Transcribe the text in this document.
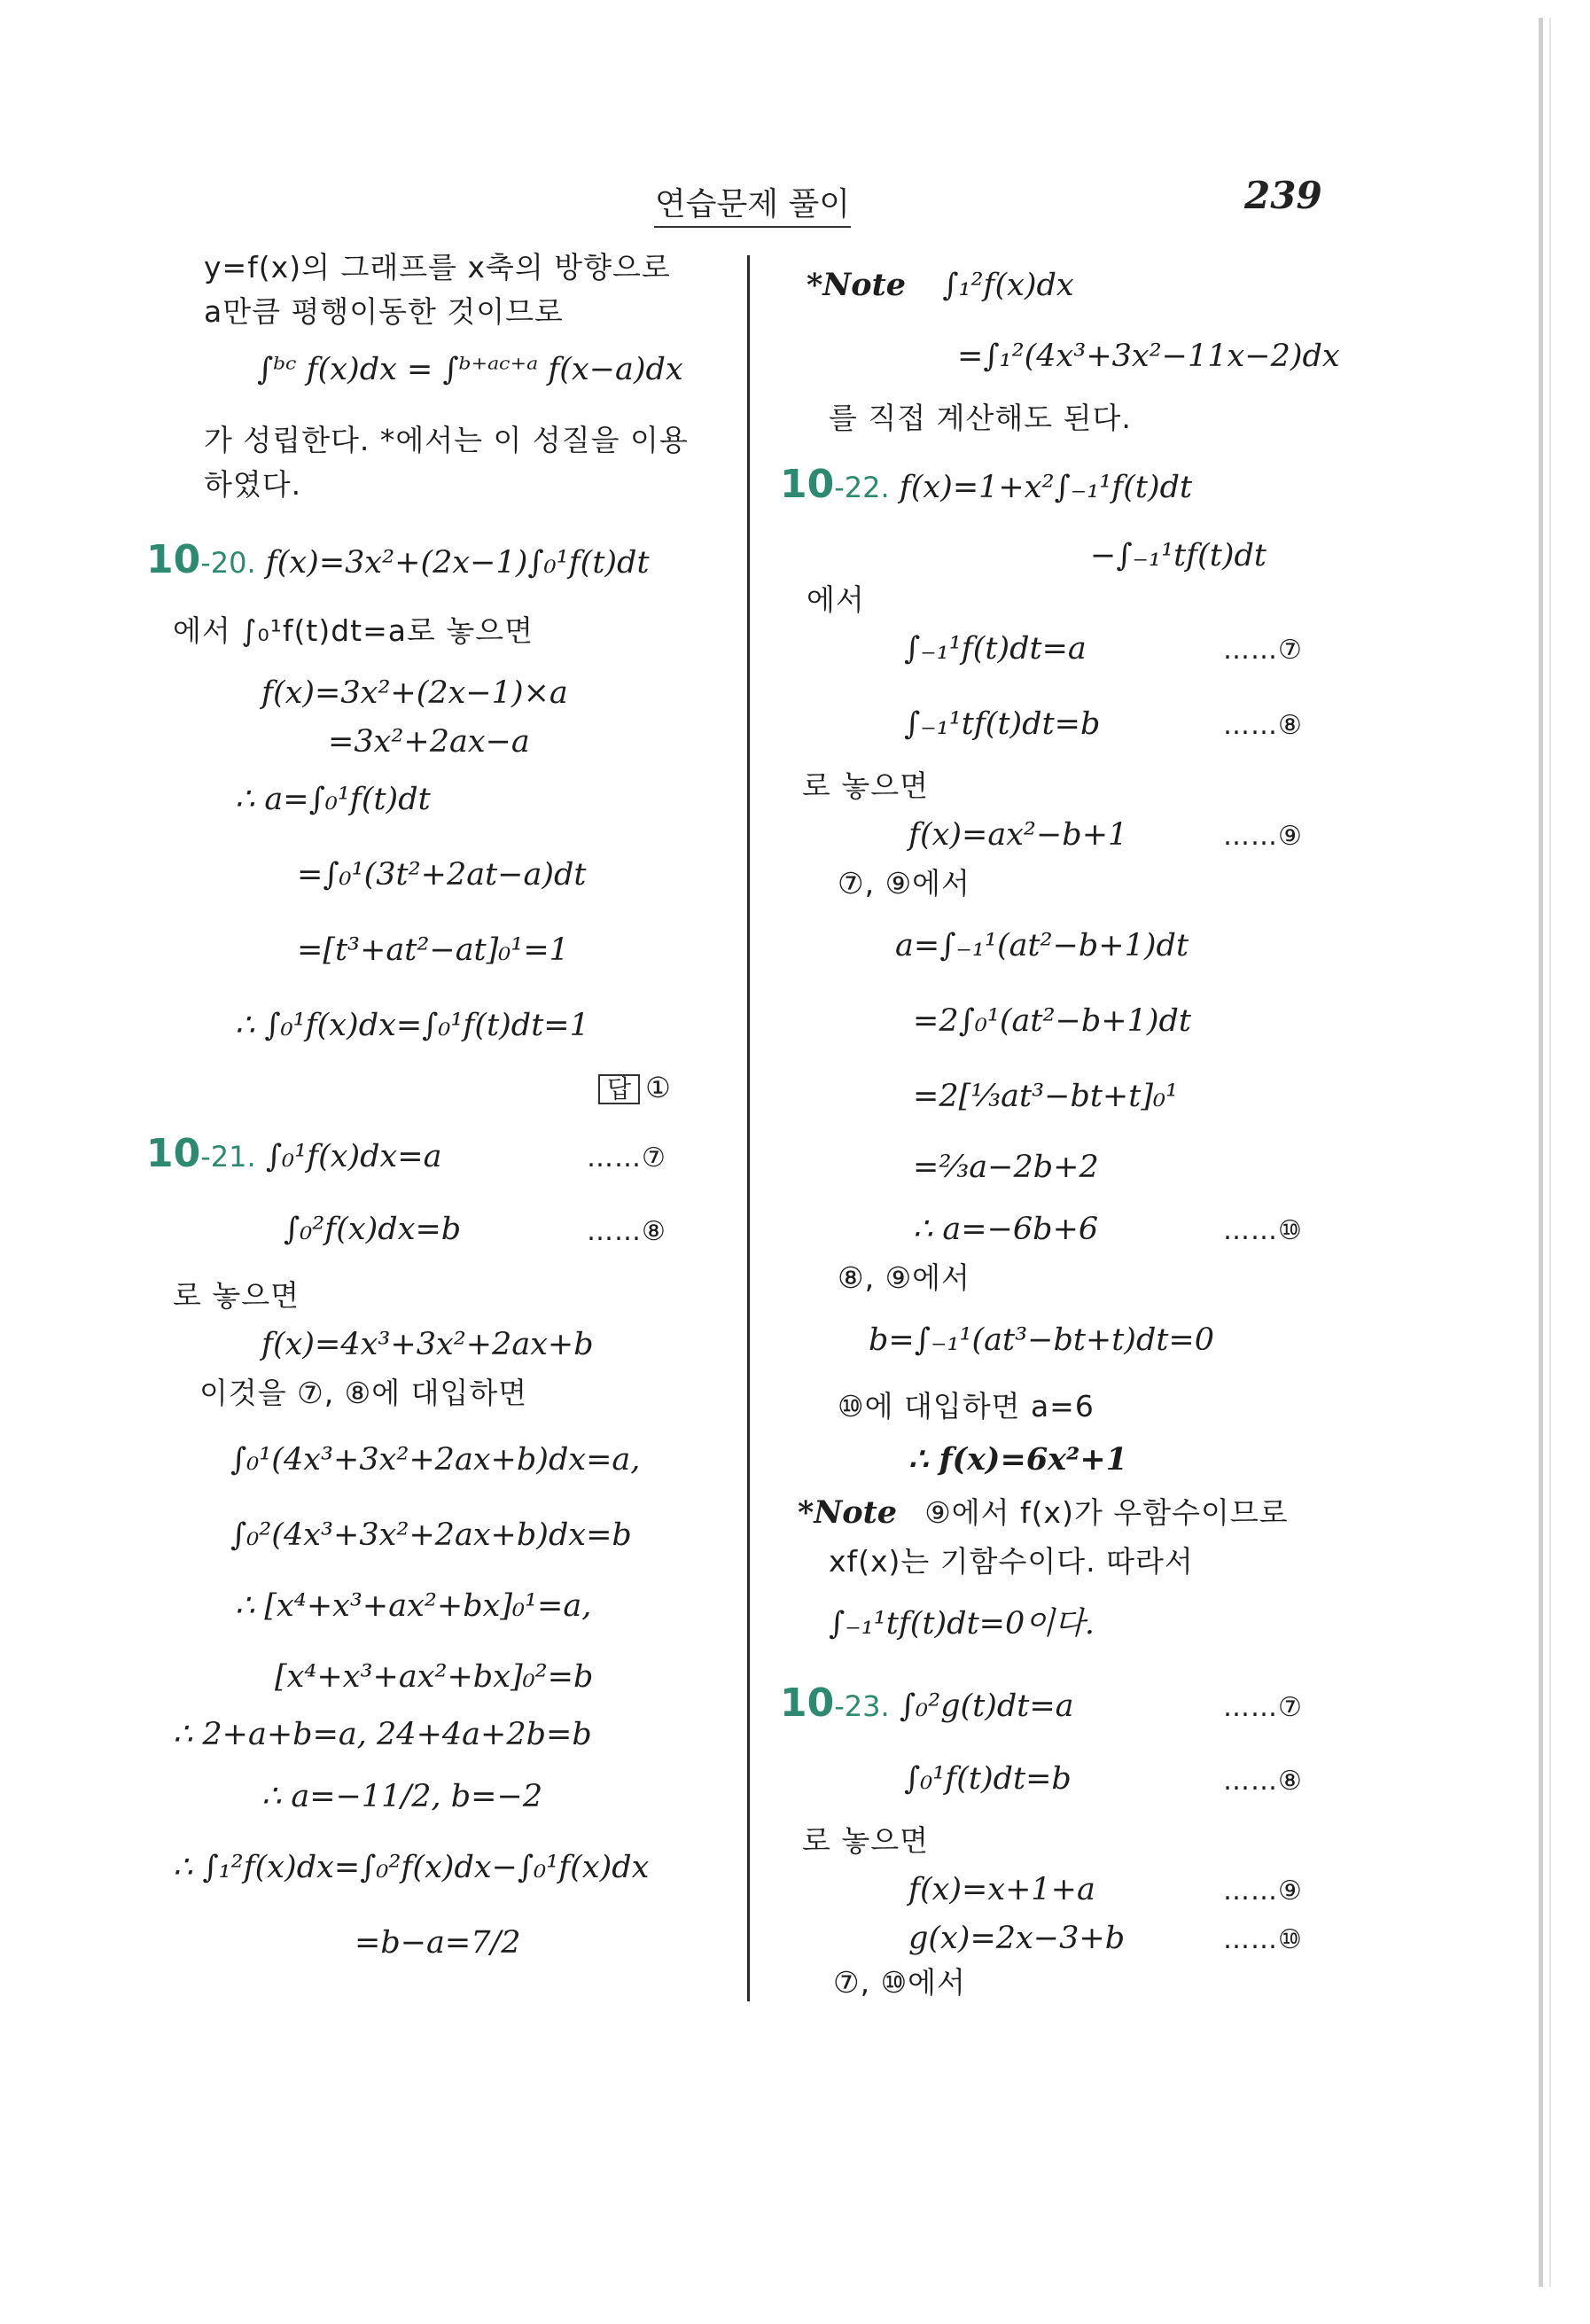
연습문제 풀이	239
y=f(x)의 그래프를 x축의 방향으로
a만큼 평행이동한 것이므로
∫ᵇᶜ f(x)dx = ∫ᵇ⁺ᵃᶜ⁺ᵃ f(x−a)dx
가 성립한다. *에서는 이 성질을 이용
하였다.
10-20. f(x)=3x²+(2x−1)∫₀¹f(t)dt
에서 ∫₀¹f(t)dt=a로 놓으면
f(x)=3x²+(2x−1)×a
=3x²+2ax−a
∴ a=∫₀¹f(t)dt
=∫₀¹(3t²+2at−a)dt
=[t³+at²−at]₀¹=1
∴ ∫₀¹f(x)dx=∫₀¹f(t)dt=1
답 ①
10-21. ∫₀¹f(x)dx=a	……⑦
∫₀²f(x)dx=b	……⑧
로 놓으면
f(x)=4x³+3x²+2ax+b
이것을 ⑦, ⑧에 대입하면
∫₀¹(4x³+3x²+2ax+b)dx=a,
∫₀²(4x³+3x²+2ax+b)dx=b
∴ [x⁴+x³+ax²+bx]₀¹=a,
[x⁴+x³+ax²+bx]₀²=b
∴ 2+a+b=a, 24+4a+2b=b
∴ a=−11/2, b=−2
∴ ∫₁²f(x)dx=∫₀²f(x)dx−∫₀¹f(x)dx
=b−a=7/2
*Note ∫₁²f(x)dx
=∫₁²(4x³+3x²−11x−2)dx
를 직접 계산해도 된다.
10-22. f(x)=1+x²∫₋₁¹f(t)dt
−∫₋₁¹tf(t)dt
에서
∫₋₁¹f(t)dt=a	……⑦
∫₋₁¹tf(t)dt=b	……⑧
로 놓으면
f(x)=ax²−b+1	……⑨
⑦, ⑨에서
a=∫₋₁¹(at²−b+1)dt
=2∫₀¹(at²−b+1)dt
=2[⅓at³−bt+t]₀¹
=⅔a−2b+2
∴ a=−6b+6	……⑩
⑧, ⑨에서
b=∫₋₁¹(at³−bt+t)dt=0
⑩에 대입하면 a=6
∴ f(x)=6x²+1
*Note ⑨에서 f(x)가 우함수이므로
xf(x)는 기함수이다. 따라서
∫₋₁¹tf(t)dt=0이다.
10-23. ∫₀²g(t)dt=a	……⑦
∫₀¹f(t)dt=b	……⑧
로 놓으면
f(x)=x+1+a	……⑨
g(x)=2x−3+b	……⑩
⑦, ⑩에서
